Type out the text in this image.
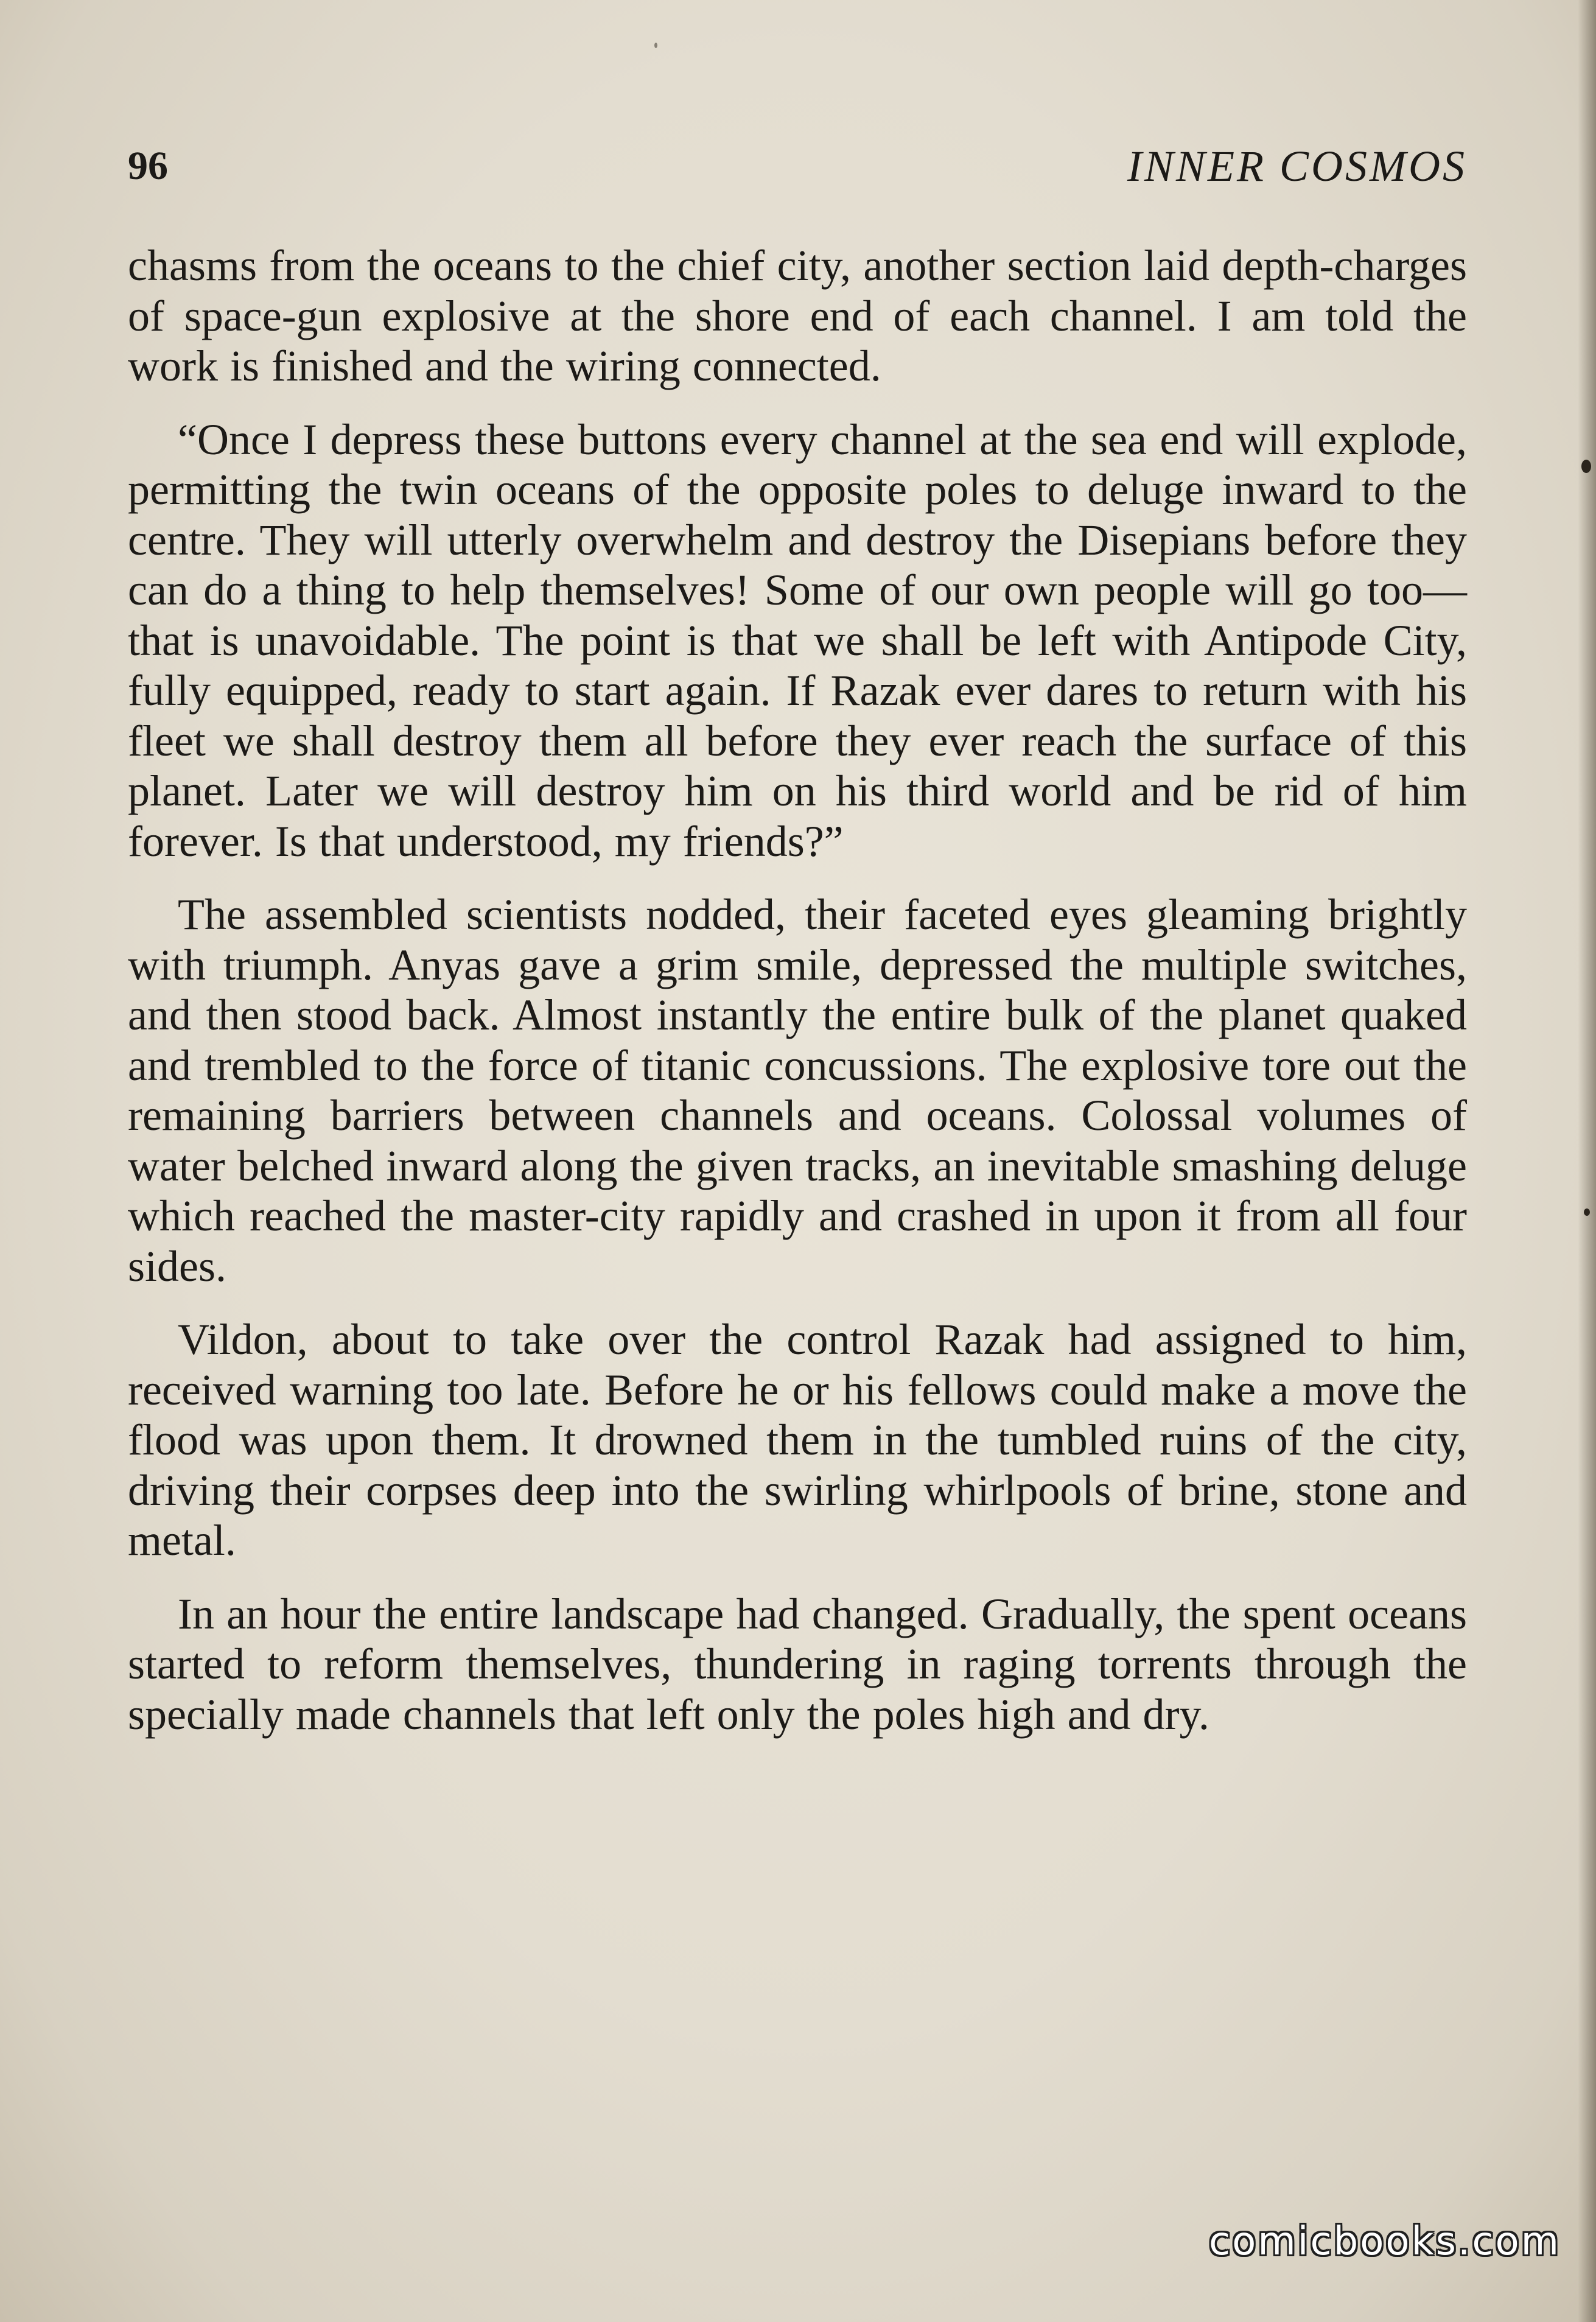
96	INNER COSMOS

chasms from the oceans to the chief city, another section laid depth-charges of space-gun explosive at the shore end of each channel. I am told the work is finished and the wiring connected.

“Once I depress these buttons every channel at the sea end will explode, permitting the twin oceans of the opposite poles to deluge inward to the centre. They will utterly overwhelm and destroy the Disepians before they can do a thing to help themselves! Some of our own people will go too—that is unavoidable. The point is that we shall be left with Antipode City, fully equipped, ready to start again. If Razak ever dares to return with his fleet we shall destroy them all before they ever reach the surface of this planet. Later we will destroy him on his third world and be rid of him forever. Is that understood, my friends?”

The assembled scientists nodded, their faceted eyes gleaming brightly with triumph. Anyas gave a grim smile, depressed the multiple switches, and then stood back. Almost instantly the entire bulk of the planet quaked and trembled to the force of titanic concussions. The explosive tore out the remaining barriers between channels and oceans. Colossal volumes of water belched inward along the given tracks, an inevitable smashing deluge which reached the master-city rapidly and crashed in upon it from all four sides.

Vildon, about to take over the control Razak had assigned to him, received warning too late. Before he or his fellows could make a move the flood was upon them. It drowned them in the tumbled ruins of the city, driving their corpses deep into the swirling whirlpools of brine, stone and metal.

In an hour the entire landscape had changed. Gradually, the spent oceans started to reform themselves, thundering in raging torrents through the specially made channels that left only the poles high and dry.

comicbooks.com
